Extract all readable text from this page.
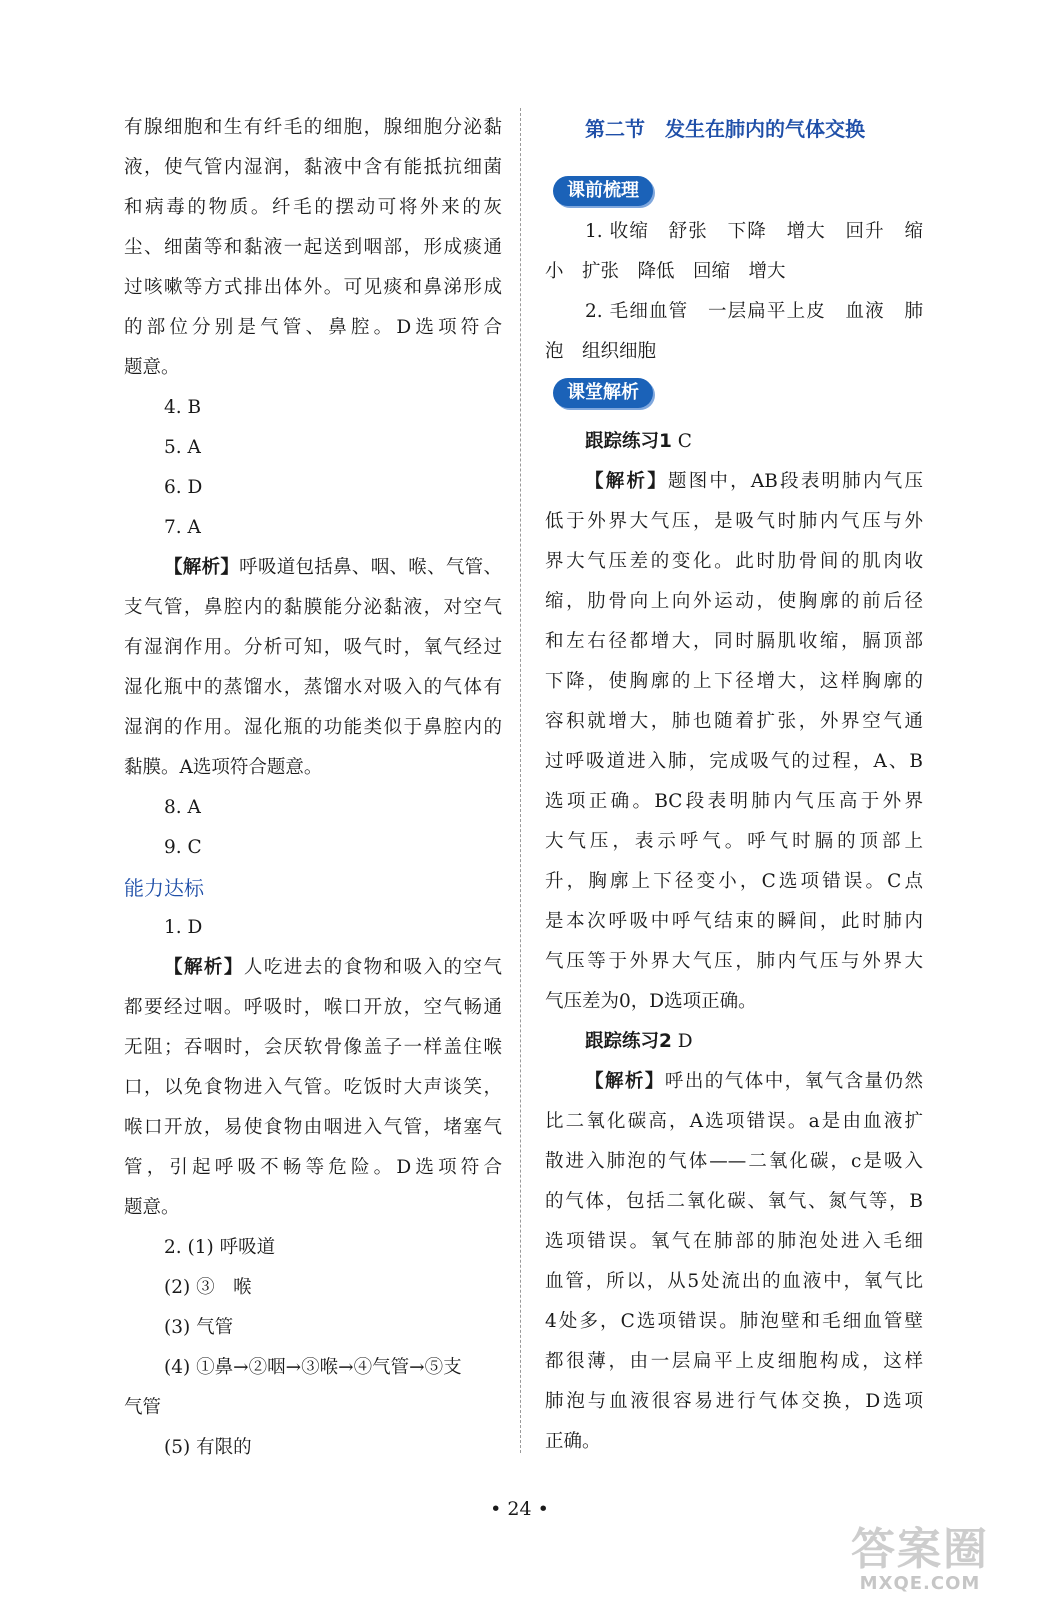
有腺细胞和生有纤毛的细胞，腺细胞分泌黏
液，使气管内湿润，黏液中含有能抵抗细菌
和病毒的物质。纤毛的摆动可将外来的灰
尘、细菌等和黏液一起送到咽部，形成痰通
过咳嗽等方式排出体外。可见痰和鼻涕形成
的部位分别是气管、鼻腔。D选项符合
题意。
4. B
5. A
6. D
7. A
【解析】呼吸道包括鼻、咽、喉、气管、
支气管，鼻腔内的黏膜能分泌黏液，对空气
有湿润作用。分析可知，吸气时，氧气经过
湿化瓶中的蒸馏水，蒸馏水对吸入的气体有
湿润的作用。湿化瓶的功能类似于鼻腔内的
黏膜。A选项符合题意。
8. A
9. C
能力达标
1. D
【解析】人吃进去的食物和吸入的空气
都要经过咽。呼吸时，喉口开放，空气畅通
无阻；吞咽时，会厌软骨像盖子一样盖住喉
口，以免食物进入气管。吃饭时大声谈笑，
喉口开放，易使食物由咽进入气管，堵塞气
管，引起呼吸不畅等危险。D选项符合
题意。
2. (1) 呼吸道
(2) ③　喉
(3) 气管
(4) ①鼻→②咽→③喉→④气管→⑤支
气管
(5) 有限的
第二节　发生在肺内的气体交换
课前梳理
1. 收缩　舒张　下降　增大　回升　缩
小　扩张　降低　回缩　增大
2. 毛细血管　一层扁平上皮　血液　肺
泡　组织细胞
课堂解析
跟踪练习1 C
【解析】题图中，AB段表明肺内气压
低于外界大气压，是吸气时肺内气压与外
界大气压差的变化。此时肋骨间的肌肉收
缩，肋骨向上向外运动，使胸廓的前后径
和左右径都增大，同时膈肌收缩，膈顶部
下降，使胸廓的上下径增大，这样胸廓的
容积就增大，肺也随着扩张，外界空气通
过呼吸道进入肺，完成吸气的过程，A、B
选项正确。BC段表明肺内气压高于外界
大气压，表示呼气。呼气时膈的顶部上
升，胸廓上下径变小，C选项错误。C点
是本次呼吸中呼气结束的瞬间，此时肺内
气压等于外界大气压，肺内气压与外界大
气压差为0，D选项正确。
跟踪练习2 D
【解析】呼出的气体中，氧气含量仍然
比二氧化碳高，A选项错误。a是由血液扩
散进入肺泡的气体——二氧化碳，c是吸入
的气体，包括二氧化碳、氧气、氮气等，B
选项错误。氧气在肺部的肺泡处进入毛细
血管，所以，从5处流出的血液中，氧气比
4处多，C选项错误。肺泡壁和毛细血管壁
都很薄，由一层扁平上皮细胞构成，这样
肺泡与血液很容易进行气体交换，D选项
正确。
• 24 •
答案圈
MXQE.COM
